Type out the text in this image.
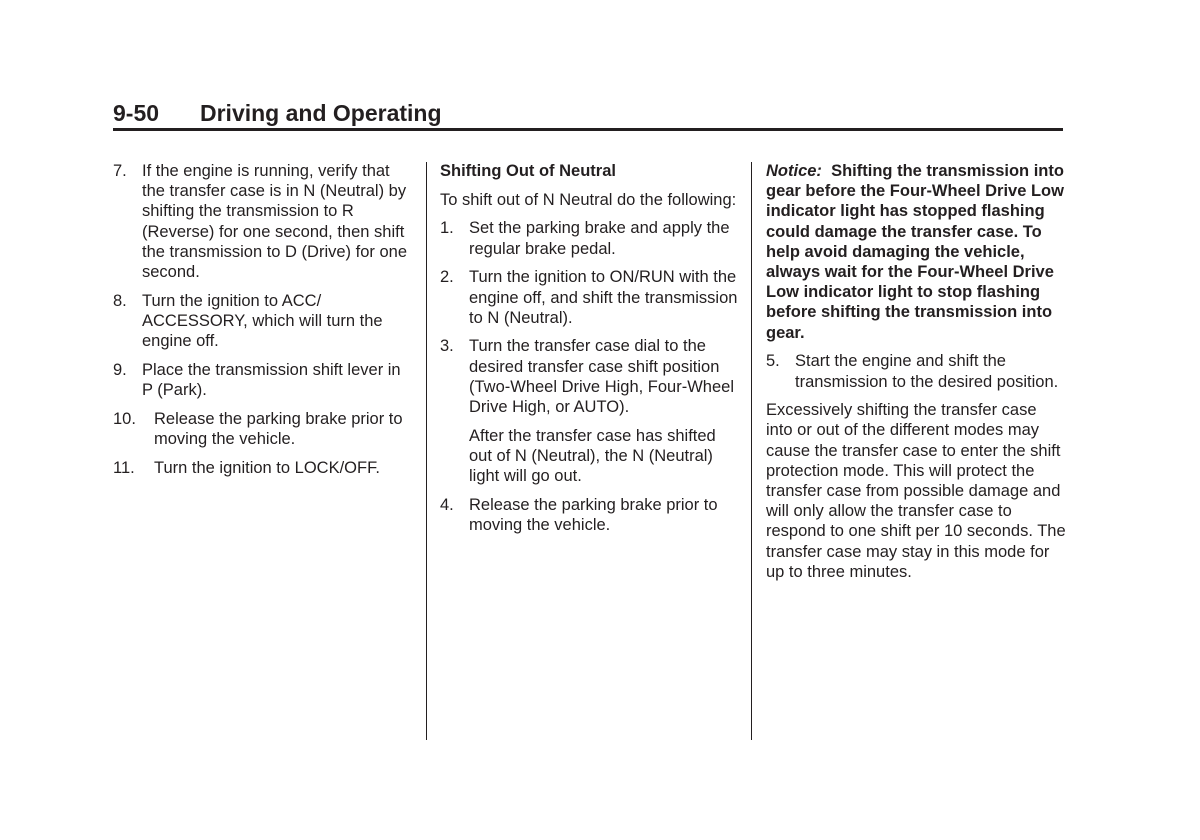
9-50 Driving and Operating
7. If the engine is running, verify that the transfer case is in N (Neutral) by shifting the transmission to R (Reverse) for one second, then shift the transmission to D (Drive) for one second.
8. Turn the ignition to ACC/ ACCESSORY, which will turn the engine off.
9. Place the transmission shift lever in P (Park).
10. Release the parking brake prior to moving the vehicle.
11. Turn the ignition to LOCK/OFF.
Shifting Out of Neutral
To shift out of N Neutral do the following:
1. Set the parking brake and apply the regular brake pedal.
2. Turn the ignition to ON/RUN with the engine off, and shift the transmission to N (Neutral).
3. Turn the transfer case dial to the desired transfer case shift position (Two-Wheel Drive High, Four-Wheel Drive High, or AUTO).
After the transfer case has shifted out of N (Neutral), the N (Neutral) light will go out.
4. Release the parking brake prior to moving the vehicle.
Notice: Shifting the transmission into gear before the Four-Wheel Drive Low indicator light has stopped flashing could damage the transfer case. To help avoid damaging the vehicle, always wait for the Four-Wheel Drive Low indicator light to stop flashing before shifting the transmission into gear.
5. Start the engine and shift the transmission to the desired position.
Excessively shifting the transfer case into or out of the different modes may cause the transfer case to enter the shift protection mode. This will protect the transfer case from possible damage and will only allow the transfer case to respond to one shift per 10 seconds. The transfer case may stay in this mode for up to three minutes.
